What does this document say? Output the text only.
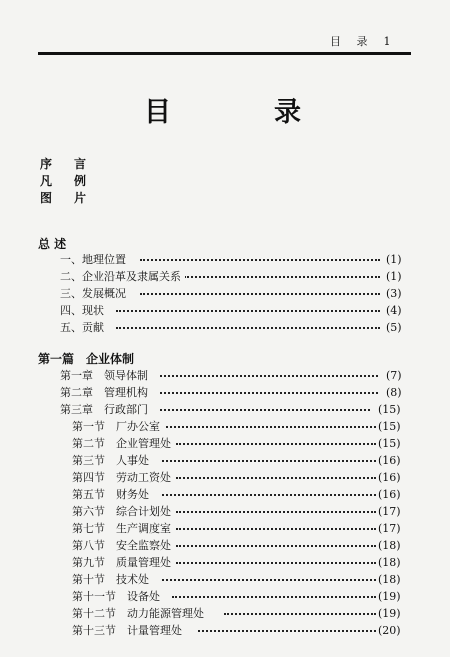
目 录 1
目	录
序言
凡例
图片
总 述
一、地理位置	(1)
二、企业沿革及隶属关系	(1)
三、发展概况	(3)
四、现状	(4)
五、贡献	(5)
第一篇　企业体制
第一章　领导体制	(7)
第二章　管理机构	(8)
第三章　行政部门	(15)
第一节　厂办公室	(15)
第二节　企业管理处	(15)
第三节　人事处	(16)
第四节　劳动工资处	(16)
第五节　财务处	(16)
第六节　综合计划处	(17)
第七节　生产调度室	(17)
第八节　安全监察处	(18)
第九节　质量管理处	(18)
第十节　技术处	(18)
第十一节　设备处	(19)
第十二节　动力能源管理处	(19)
第十三节　计量管理处	(20)
